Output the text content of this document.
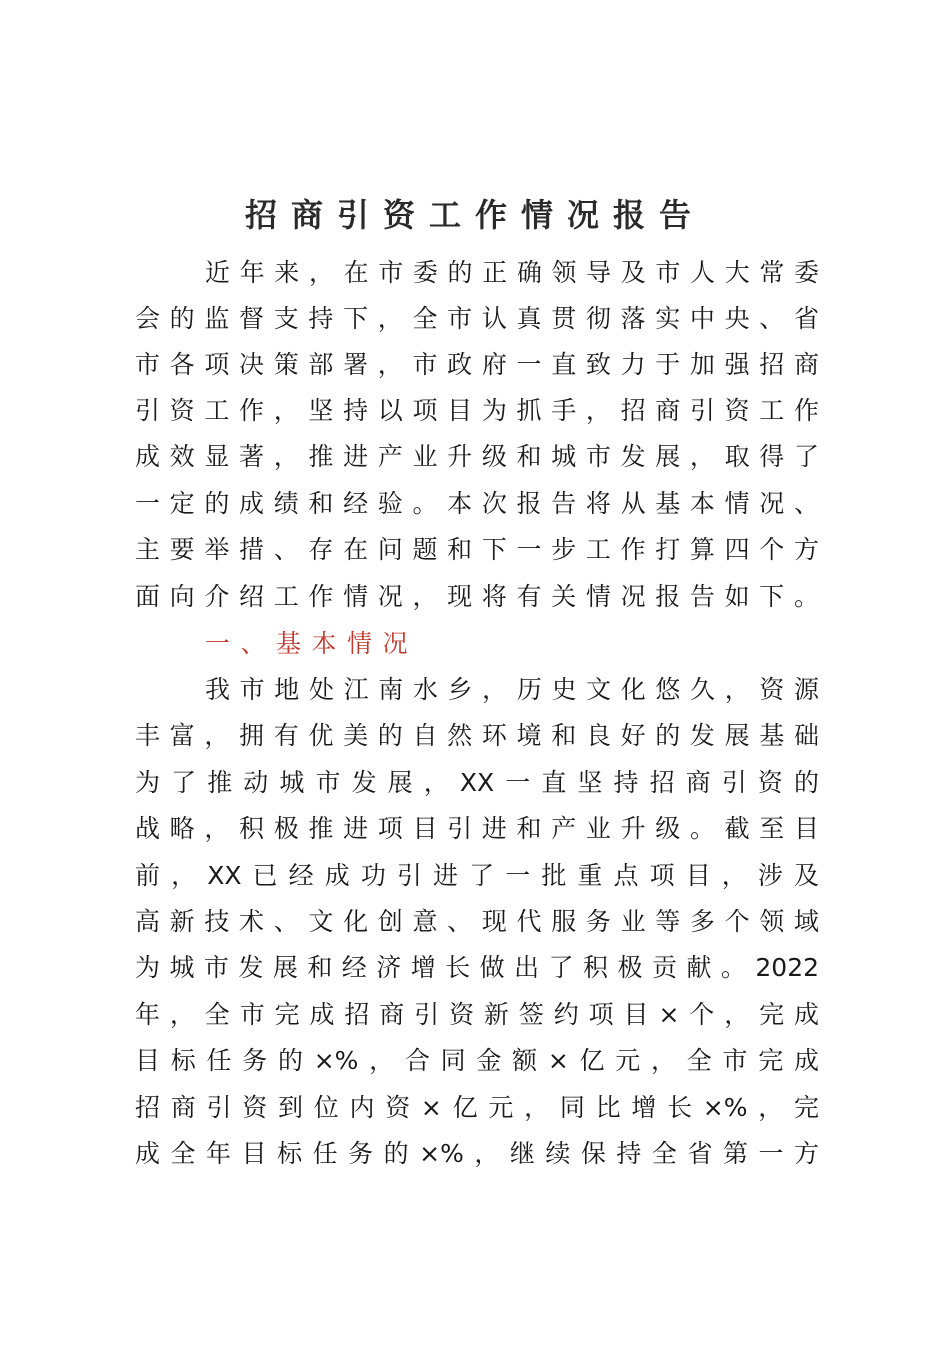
招商引资工作情况报告
近年来，在市委的正确领导及市人大常委
会的监督支持下，全市认真贯彻落实中央、省
市各项决策部署，市政府一直致力于加强招商
引资工作，坚持以项目为抓手，招商引资工作
成效显著，推进产业升级和城市发展，取得了
一定的成绩和经验。本次报告将从基本情况、
主要举措、存在问题和下一步工作打算四个方
面向介绍工作情况，现将有关情况报告如下。
一、基本情况
我市地处江南水乡，历史文化悠久，资源
丰富，拥有优美的自然环境和良好的发展基础
为了推动城市发展，XX一直坚持招商引资的
战略，积极推进项目引进和产业升级。截至目
前，XX已经成功引进了一批重点项目，涉及
高新技术、文化创意、现代服务业等多个领域
为城市发展和经济增长做出了积极贡献。2022
年，全市完成招商引资新签约项目×个，完成
目标任务的×%，合同金额×亿元，全市完成
招商引资到位内资×亿元，同比增长×%，完
成全年目标任务的×%，继续保持全省第一方
